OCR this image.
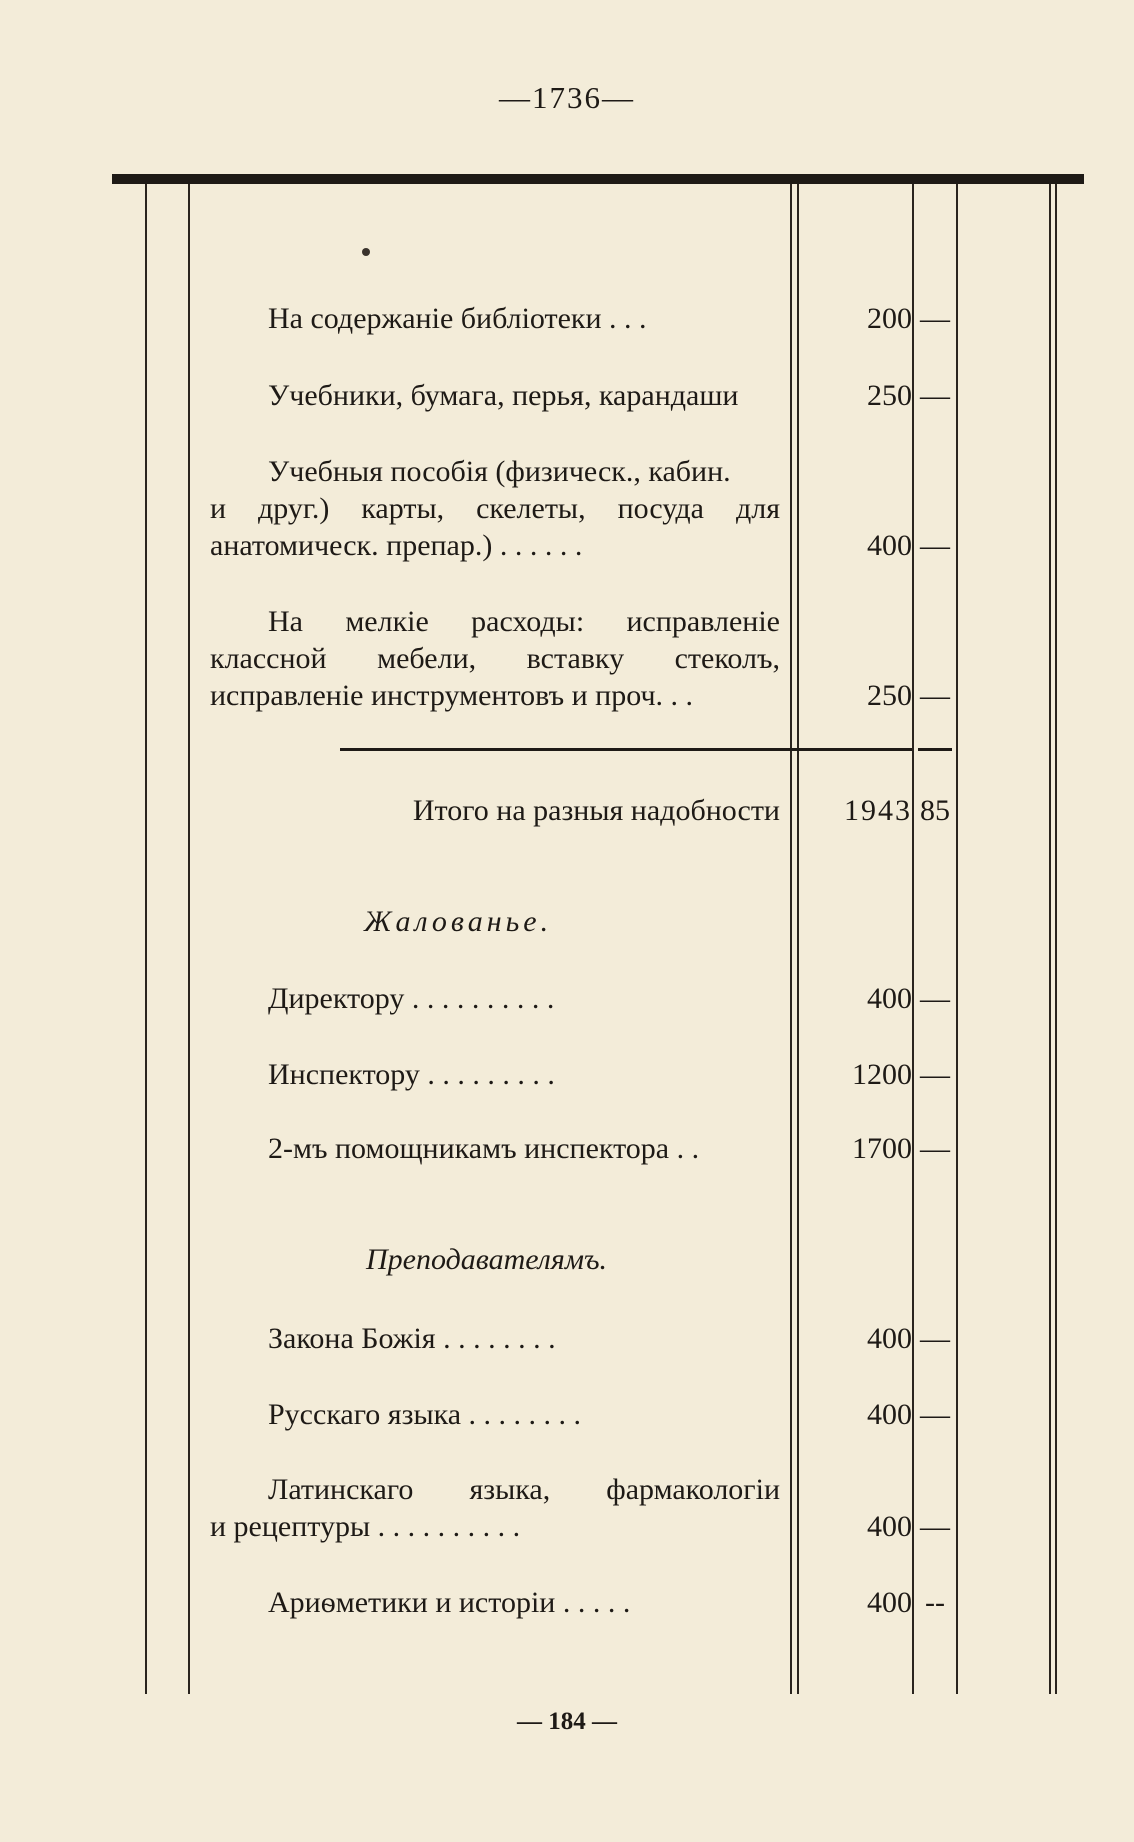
—1736—
На содержаніе библіотеки . . .	200 —
Учебники, бумага, перья, карандаши	250 —
Учебныя пособія (физическ., кабин.
и друг.) карты, скелеты, посуда для
анатомическ. препар.) . . . . . .	400 —
На мелкіе расходы: исправленіе
классной мебели, вставку стеколъ,
исправленіе инструментовъ и проч. . .	250 —
Итого на разныя надобности	1943 85
Жалованье.
Директору . . . . . . . . . .	400 —
Инспектору . . . . . . . . .	1200 —
2-мъ помощникамъ инспектора . .	1700 —
Преподавателямъ.
Закона Божія . . . . . . . .	400 —
Русскаго языка . . . . . . . .	400 —
Латинскаго языка, фармакологіи
и рецептуры . . . . . . . . . .	400 —
Ариѳметики и исторіи . . . . .	400 --
— 184 —
